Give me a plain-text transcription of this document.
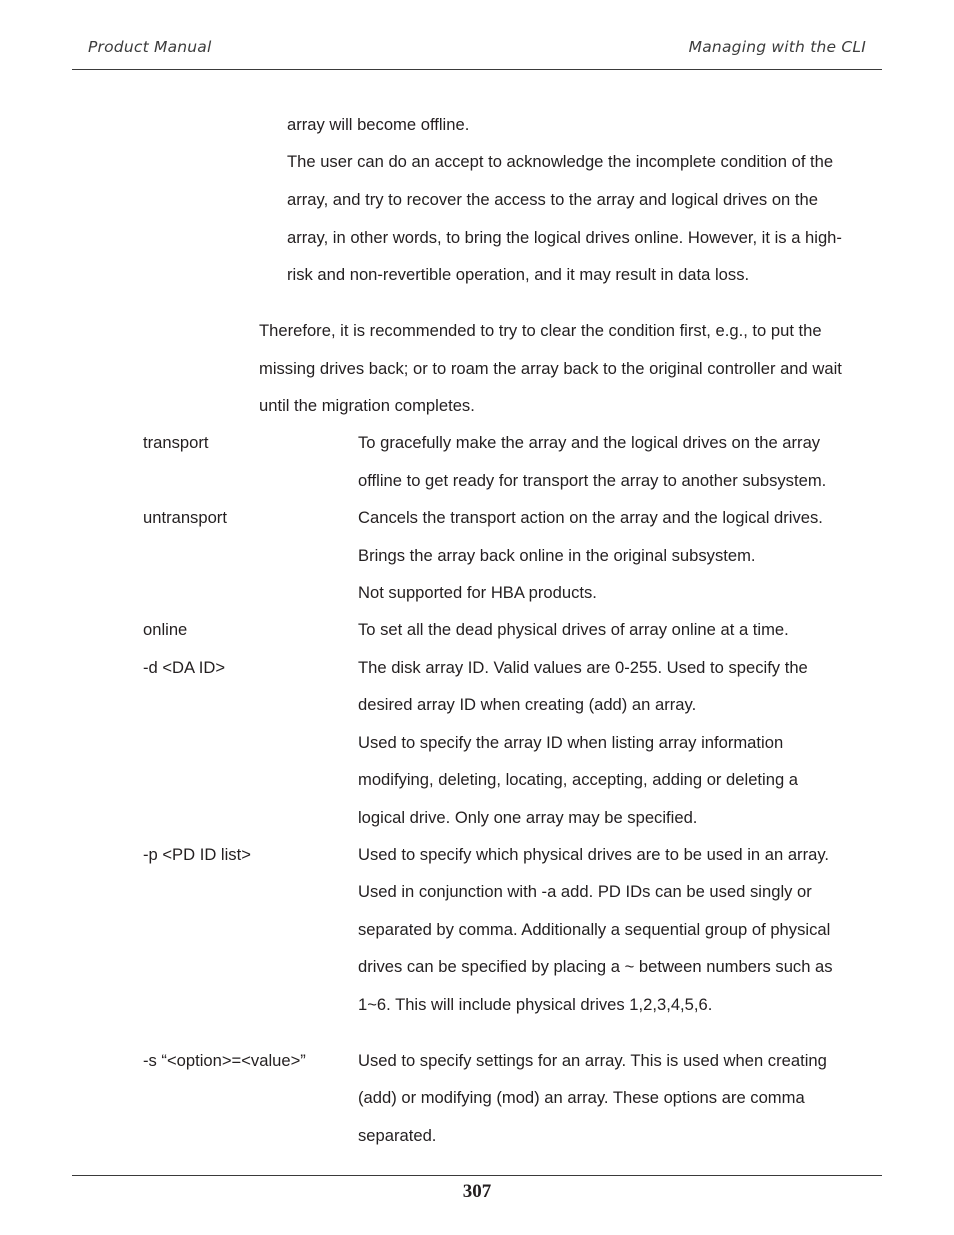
Product Manual	Managing with the CLI
array will become offline.
The user can do an accept to acknowledge the incomplete condition of the
array, and try to recover the access to the array and logical drives on the
array, in other words, to bring the logical drives online. However, it is a high-
risk and non-revertible operation, and it may result in data loss.
Therefore, it is recommended to try to clear the condition first, e.g., to put the
missing drives back; or to roam the array back to the original controller and wait
until the migration completes.
transport	To gracefully make the array and the logical drives on the array
offline to get ready for transport the array to another subsystem.
untransport	Cancels the transport action on the array and the logical drives.
Brings the array back online in the original subsystem.
Not supported for HBA products.
online	To set all the dead physical drives of array online at a time.
-d <DA ID>	The disk array ID. Valid values are 0-255. Used to specify the
desired array ID when creating (add) an array.
Used to specify the array ID when listing array information
modifying, deleting, locating, accepting, adding or deleting a
logical drive. Only one array may be specified.
-p <PD ID list>	Used to specify which physical drives are to be used in an array.
Used in conjunction with -a add. PD IDs can be used singly or
separated by comma. Additionally a sequential group of physical
drives can be specified by placing a ~ between numbers such as
1~6. This will include physical drives 1,2,3,4,5,6.
-s “<option>=<value>”	Used to specify settings for an array. This is used when creating
(add) or modifying (mod) an array. These options are comma
separated.
307
